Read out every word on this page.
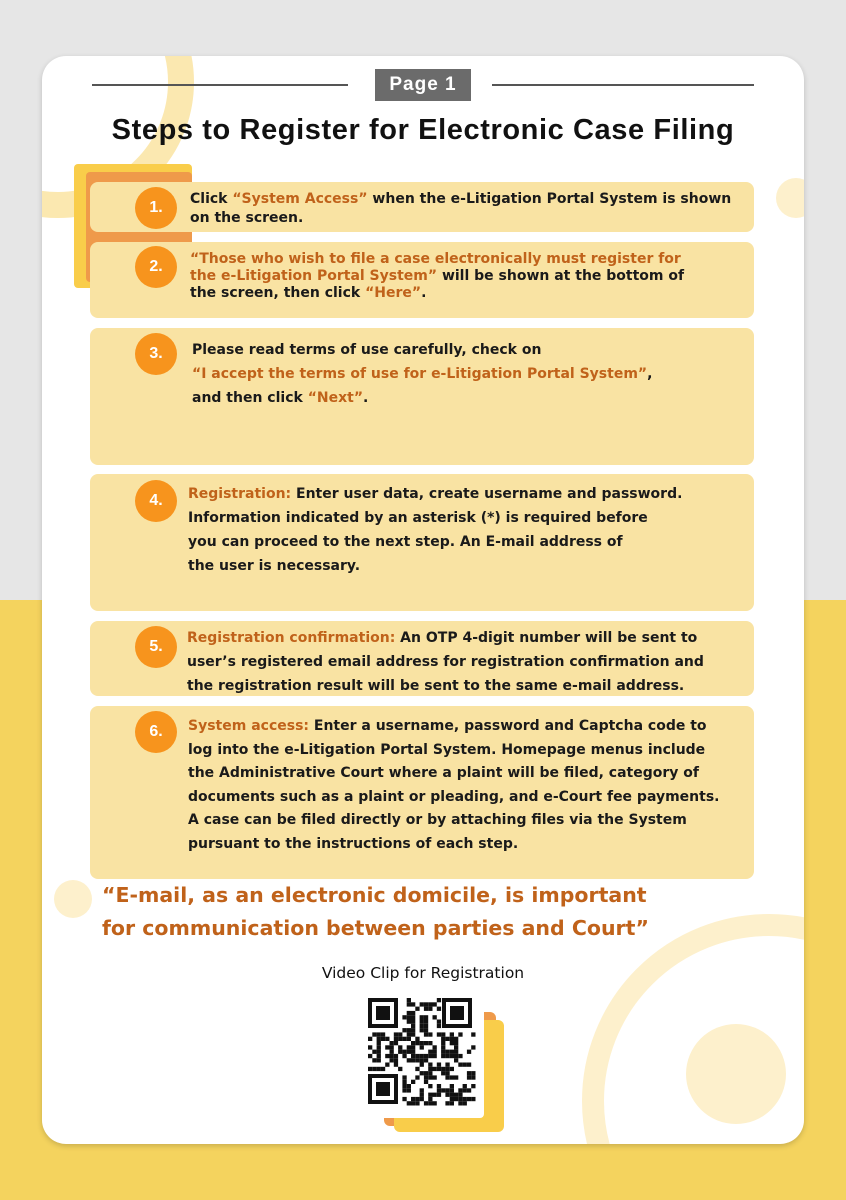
Page 1
Steps to Register for Electronic Case Filing
1.	Click “System Access” when the e-Litigation Portal System is shown
on the screen.
2.	“Those who wish to file a case electronically must register for
the e-Litigation Portal System” will be shown at the bottom of
the screen, then click “Here”.
3.	Please read terms of use carefully, check on
“I accept the terms of use for e-Litigation Portal System”,
and then click “Next”.
4.	Registration: Enter user data, create username and password.
Information indicated by an asterisk (*) is required before
you can proceed to the next step. An E-mail address of
the user is necessary.
5.	Registration confirmation: An OTP 4-digit number will be sent to
user’s registered email address for registration confirmation and
the registration result will be sent to the same e-mail address.
6.	System access: Enter a username, password and Captcha code to
log into the e-Litigation Portal System. Homepage menus include
the Administrative Court where a plaint will be filed, category of
documents such as a plaint or pleading, and e-Court fee payments.
A case can be filed directly or by attaching files via the System
pursuant to the instructions of each step.
“E-mail, as an electronic domicile, is important
for communication between parties and Court”
Video Clip for Registration
